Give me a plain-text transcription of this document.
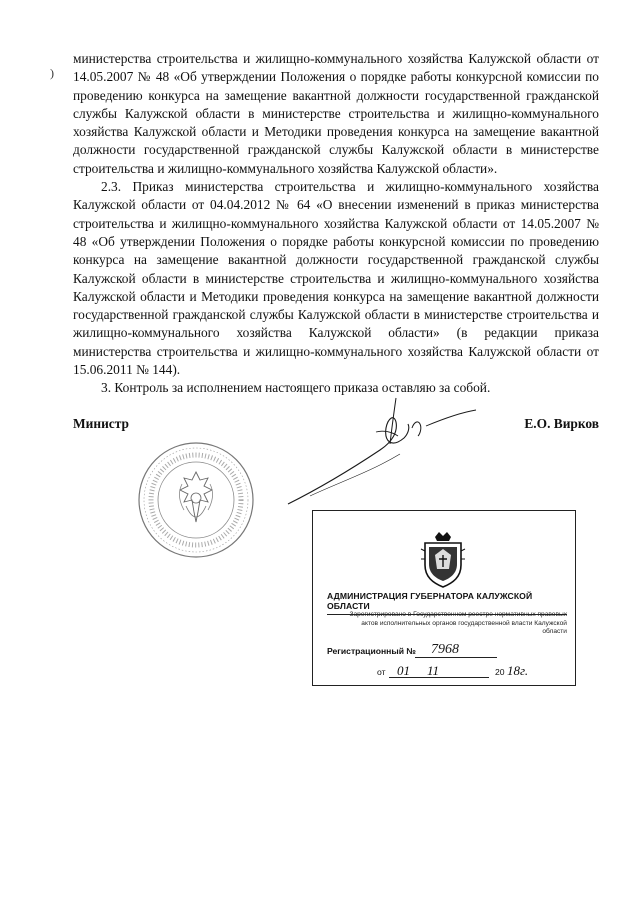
)

министерства строительства и жилищно-коммунального хозяйства Калужской области от 14.05.2007 № 48 «Об утверждении Положения о порядке работы конкурсной комиссии по проведению конкурса на замещение вакантной должности государственной гражданской службы Калужской области в министерстве строительства и жилищно-коммунального хозяйства Калужской области и Методики проведения конкурса на замещение вакантной должности государственной гражданской службы Калужской области в министерстве строительства и жилищно-коммунального хозяйства Калужской области».

2.3. Приказ министерства строительства и жилищно-коммунального хозяйства Калужской области от 04.04.2012 № 64 «О внесении изменений в приказ министерства строительства и жилищно-коммунального хозяйства Калужской области от 14.05.2007 № 48 «Об утверждении Положения о порядке работы конкурсной комиссии по проведению конкурса на замещение вакантной должности государственной гражданской службы Калужской области в министерстве строительства и жилищно-коммунального хозяйства Калужской области и Методики проведения конкурса на замещение вакантной должности государственной гражданской службы Калужской области в министерстве строительства и жилищно-коммунального хозяйства Калужской области» (в редакции приказа министерства строительства и жилищно-коммунального хозяйства Калужской области от 15.06.2011 № 144).

3. Контроль за исполнением настоящего приказа оставляю за собой.

Министр	Е.О. Вирков
АДМИНИСТРАЦИЯ ГУБЕРНАТОРА КАЛУЖСКОЙ ОБЛАСТИ
Зарегистрировано в Государственном реестре нормативных правовых актов исполнительных органов государственной власти Калужской области
Регистрационный № 7968
от 01 11	20 18г.
